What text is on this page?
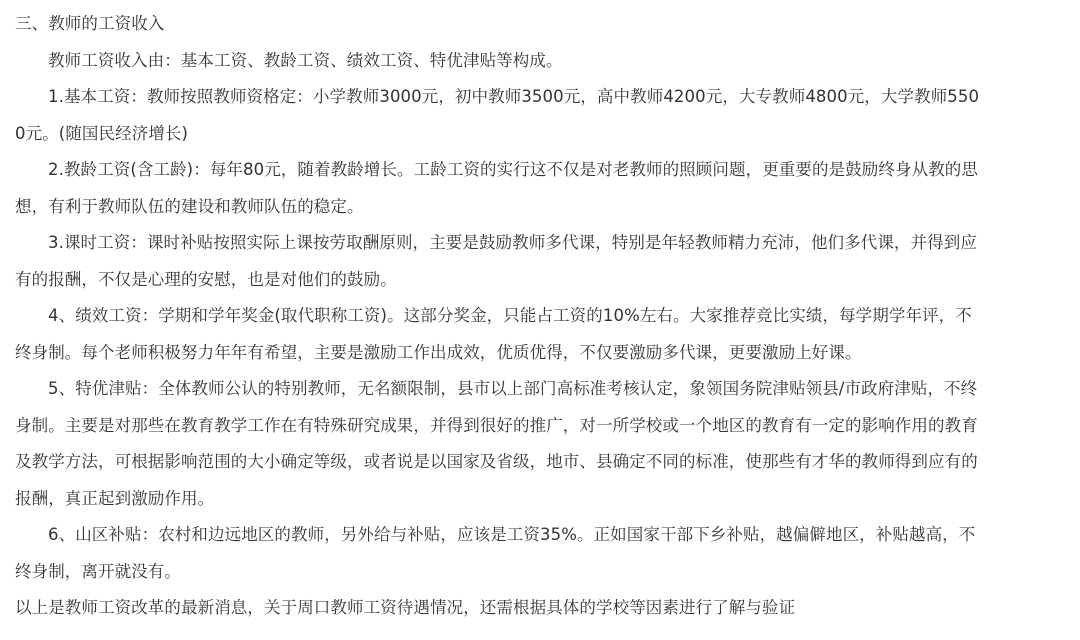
三、教师的工资收入

教师工资收入由：基本工资、教龄工资、绩效工资、特优津贴等构成。

1.基本工资：教师按照教师资格定：小学教师3000元，初中教师3500元，高中教师4200元，大专教师4800元，大学教师5500元。(随国民经济增长)

2.教龄工资(含工龄)：每年80元，随着教龄增长。工龄工资的实行这不仅是对老教师的照顾问题，更重要的是鼓励终身从教的思想，有利于教师队伍的建设和教师队伍的稳定。

3.课时工资：课时补贴按照实际上课按劳取酬原则，主要是鼓励教师多代课，特别是年轻教师精力充沛，他们多代课，并得到应有的报酬，不仅是心理的安慰，也是对他们的鼓励。

4、绩效工资：学期和学年奖金(取代职称工资)。这部分奖金，只能占工资的10%左右。大家推荐竞比实绩，每学期学年评，不终身制。每个老师积极努力年年有希望，主要是激励工作出成效，优质优得，不仅要激励多代课，更要激励上好课。

5、特优津贴：全体教师公认的特别教师，无名额限制，县市以上部门高标准考核认定，象领国务院津贴领县/市政府津贴，不终身制。主要是对那些在教育教学工作在有特殊研究成果，并得到很好的推广，对一所学校或一个地区的教育有一定的影响作用的教育及教学方法，可根据影响范围的大小确定等级，或者说是以国家及省级，地市、县确定不同的标准，使那些有才华的教师得到应有的报酬，真正起到激励作用。

6、山区补贴：农村和边远地区的教师，另外给与补贴，应该是工资35%。正如国家干部下乡补贴，越偏僻地区，补贴越高，不终身制，离开就没有。

以上是教师工资改革的最新消息，关于周口教师工资待遇情况，还需根据具体的学校等因素进行了解与验证
